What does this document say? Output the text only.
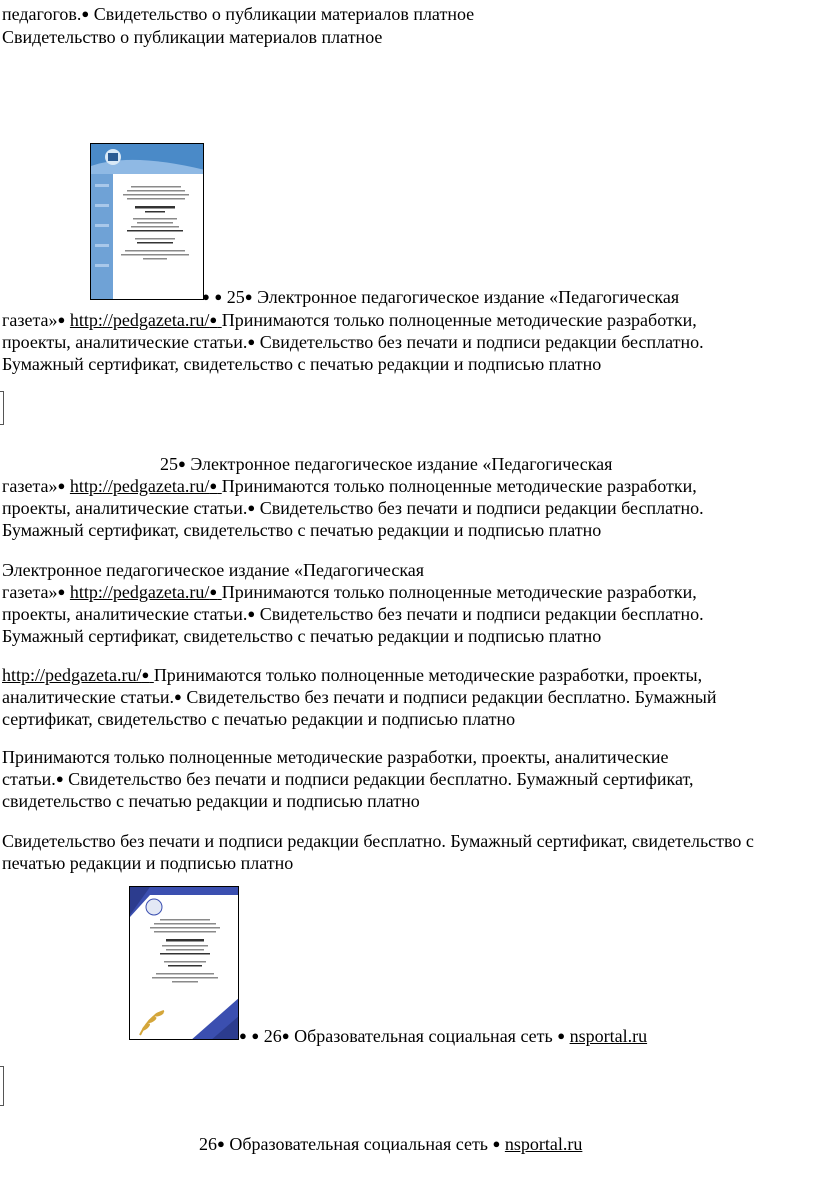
педагогов.● Свидетельство о публикации материалов платное
Свидетельство о публикации материалов платное
● ● 25● Электронное педагогическое издание «Педагогическая
газета»● http://pedgazeta.ru/● Принимаются только полноценные методические разработки,
проекты, аналитические статьи.● Свидетельство без печати и подписи редакции бесплатно.
Бумажный сертификат, свидетельство с печатью редакции и подписью платно
25● Электронное педагогическое издание «Педагогическая
газета»● http://pedgazeta.ru/● Принимаются только полноценные методические разработки,
проекты, аналитические статьи.● Свидетельство без печати и подписи редакции бесплатно.
Бумажный сертификат, свидетельство с печатью редакции и подписью платно
Электронное педагогическое издание «Педагогическая
газета»● http://pedgazeta.ru/● Принимаются только полноценные методические разработки,
проекты, аналитические статьи.● Свидетельство без печати и подписи редакции бесплатно.
Бумажный сертификат, свидетельство с печатью редакции и подписью платно
http://pedgazeta.ru/● Принимаются только полноценные методические разработки, проекты,
аналитические статьи.● Свидетельство без печати и подписи редакции бесплатно. Бумажный
сертификат, свидетельство с печатью редакции и подписью платно
Принимаются только полноценные методические разработки, проекты, аналитические
статьи.● Свидетельство без печати и подписи редакции бесплатно. Бумажный сертификат,
свидетельство с печатью редакции и подписью платно
Свидетельство без печати и подписи редакции бесплатно. Бумажный сертификат, свидетельство с
печатью редакции и подписью платно
● ● 26● Образовательная социальная сеть ● nsportal.ru
26● Образовательная социальная сеть ● nsportal.ru
